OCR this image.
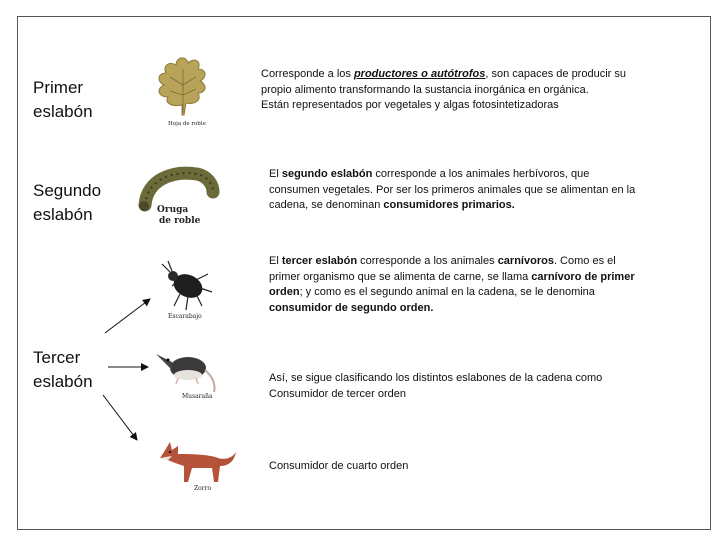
Primer
eslabón
Segundo
eslabón
Tercer
eslabón
Hoja de roble
Oruga
de roble
Escarabajo
Musaraña
Zorro
Corresponde a los productores o autótrofos, son capaces de producir su
propio alimento transformando la sustancia inorgánica en orgánica.
Están representados por vegetales y algas fotosintetizadoras
El segundo eslabón corresponde a los animales herbívoros, que
consumen vegetales. Por ser los primeros animales que se alimentan en la
cadena, se denominan consumidores primarios.
El tercer eslabón corresponde a los animales carnívoros. Como es el
primer organismo que se alimenta de carne, se llama carnívoro de primer
orden; y como es el segundo animal en la cadena, se le denomina
consumidor de segundo orden.
Así, se sigue clasificando los distintos eslabones de la cadena como
Consumidor de tercer orden
Consumidor de cuarto orden
